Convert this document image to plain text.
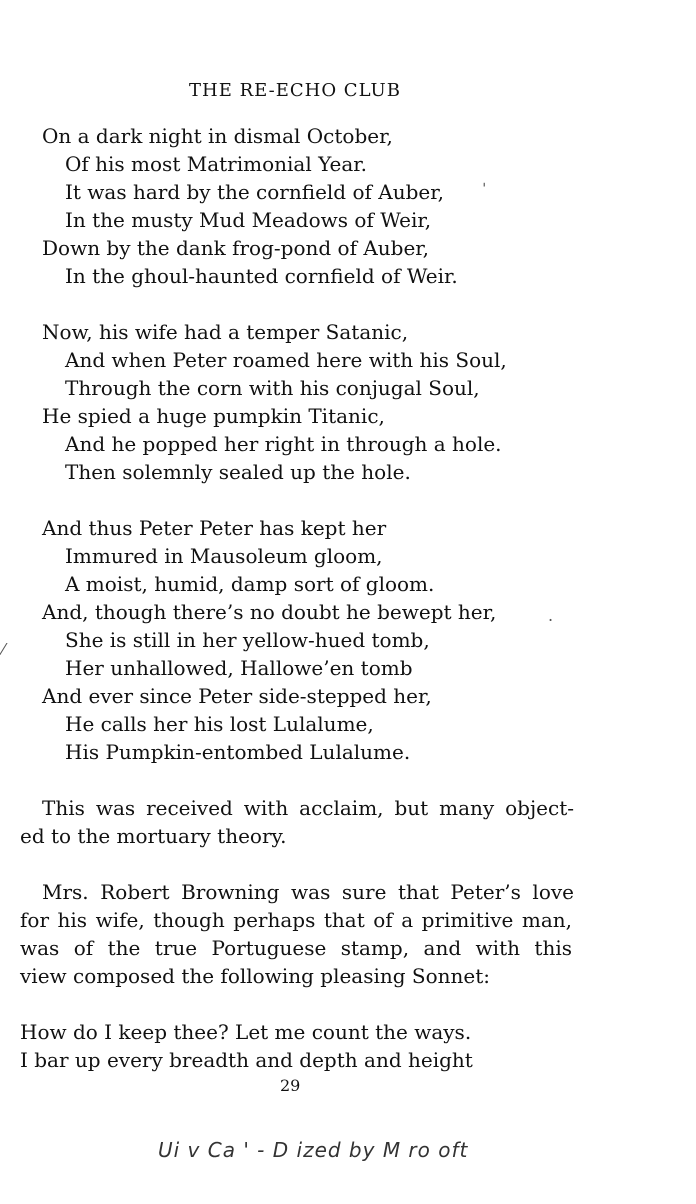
THE RE-ECHO CLUB
On a dark night in dismal October,
Of his most Matrimonial Year.
It was hard by the cornfield of Auber,
In the musty Mud Meadows of Weir,
Down by the dank frog-pond of Auber,
In the ghoul-haunted cornfield of Weir.
Now, his wife had a temper Satanic,
And when Peter roamed here with his Soul,
Through the corn with his conjugal Soul,
He spied a huge pumpkin Titanic,
And he popped her right in through a hole.
Then solemnly sealed up the hole.
And thus Peter Peter has kept her
Immured in Mausoleum gloom,
A moist, humid, damp sort of gloom.
And, though there’s no doubt he bewept her,
She is still in her yellow-hued tomb,
Her unhallowed, Hallowe’en tomb
And ever since Peter side-stepped her,
He calls her his lost Lulalume,
His Pumpkin-entombed Lulalume.
This was received with acclaim, but many object-
ed to the mortuary theory.
Mrs. Robert Browning was sure that Peter’s love
for his wife, though perhaps that of a primitive man,
was of the true Portuguese stamp, and with this
view composed the following pleasing Sonnet:
How do I keep thee? Let me count the ways.
I bar up every breadth and depth and height
29
Ui v Ca ' - D ized by M ro oft
ˈ
.
⁄
